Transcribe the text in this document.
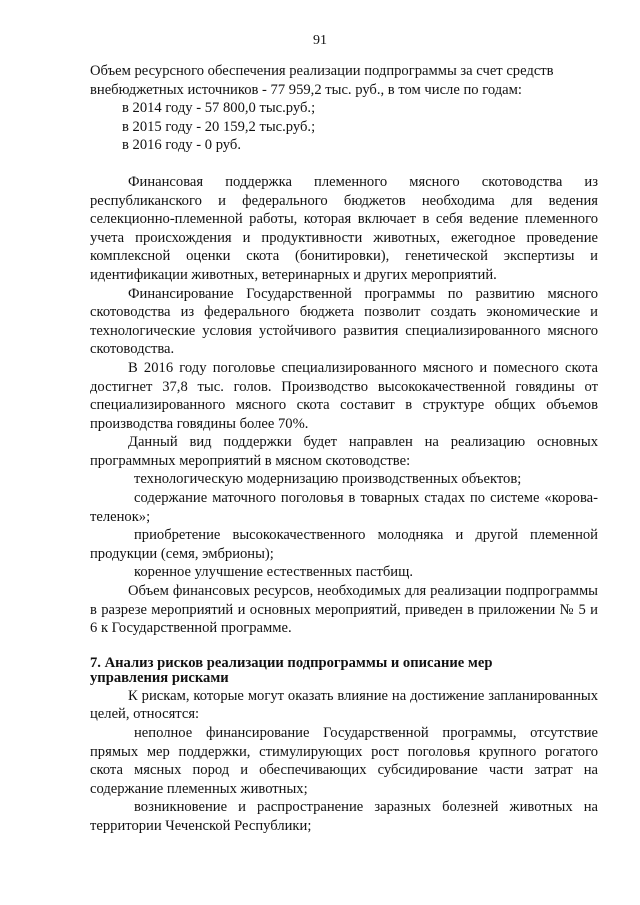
91

Объем ресурсного обеспечения реализации подпрограммы за счет средств

внебюджетных источников - 77 959,2 тыс. руб., в том числе по годам:

в 2014 году - 57 800,0 тыс.руб.;

в 2015 году - 20 159,2 тыс.руб.;

в 2016 году - 0 руб.

Финансовая поддержка племенного мясного скотоводства из республиканского и федерального бюджетов необходима для ведения селекционно-племенной работы, которая включает в себя ведение племенного учета происхождения и продуктивности животных, ежегодное проведение комплексной оценки скота (бонитировки), генетической экспертизы и идентификации животных, ветеринарных и других мероприятий.

Финансирование Государственной программы по развитию мясного скотоводства из федерального бюджета позволит создать экономические и технологические условия устойчивого развития специализированного мясного скотоводства.

В 2016 году поголовье специализированного мясного и помесного скота достигнет 37,8 тыс. голов. Производство высококачественной говядины от специализированного мясного скота составит в структуре общих объемов производства говядины более 70%.

Данный вид поддержки будет направлен на реализацию основных программных мероприятий в мясном скотоводстве:

технологическую модернизацию производственных объектов;

содержание маточного поголовья в товарных стадах по системе «корова-теленок»;

приобретение высококачественного молодняка и другой племенной продукции (семя, эмбрионы);

коренное улучшение естественных пастбищ.

Объем финансовых ресурсов, необходимых для реализации подпрограммы в разрезе мероприятий и основных мероприятий, приведен в приложении № 5 и 6 к Государственной программе.

7. Анализ рисков реализации подпрограммы и описание мер

управления рисками

К рискам, которые могут оказать влияние на достижение запланированных целей, относятся:

неполное финансирование Государственной программы, отсутствие прямых мер поддержки, стимулирующих рост поголовья крупного рогатого скота мясных пород и обеспечивающих субсидирование части затрат на содержание племенных животных;

возникновение и распространение заразных болезней животных на территории Чеченской Республики;
